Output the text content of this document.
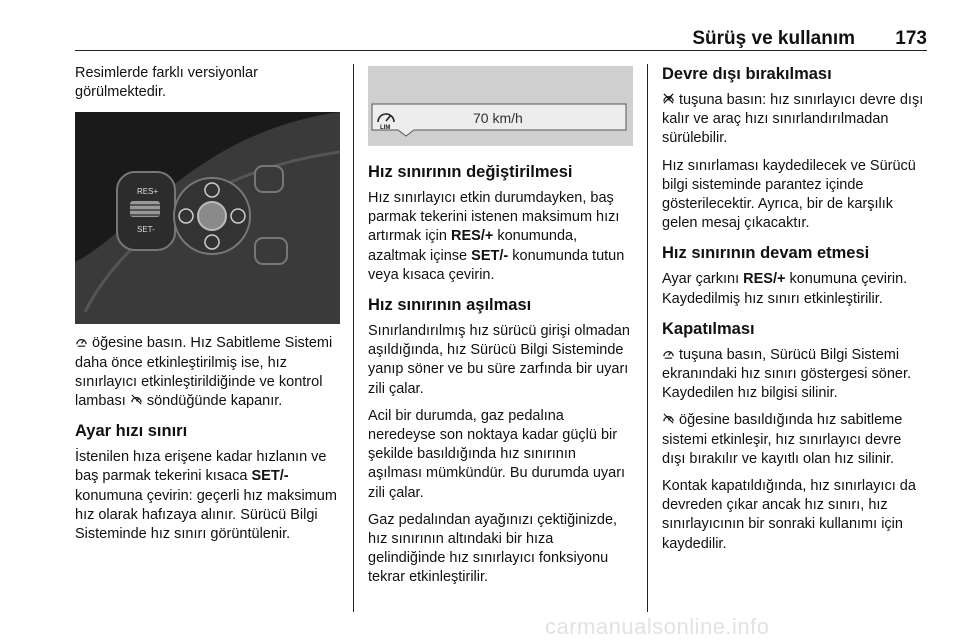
Sürüş ve kullanım 173

Resimlerde farklı versiyonlar görülmektedir.

RES+
SET-

öğesine basın. Hız Sabitleme Sistemi daha önce etkinleştirilmiş ise, hız sınırlayıcı etkinleştirildiğinde ve kontrol lambası söndüğünde kapanır.

Ayar hızı sınırı

İstenilen hıza erişene kadar hızlanın ve baş parmak tekerini kısaca SET/- konumuna çevirin: geçerli hız maksimum hız olarak hafızaya alınır. Sürücü Bilgi Sisteminde hız sınırı görüntülenir.

LIM
70 km/h
Hız sınırının değiştirilmesi

Hız sınırlayıcı etkin durumdayken, baş parmak tekerini istenen maksimum hızı artırmak için RES/+ konumunda, azaltmak içinse SET/- konumunda tutun veya kısaca çevirin.

Hız sınırının aşılması

Sınırlandırılmış hız sürücü girişi olmadan aşıldığında, hız Sürücü Bilgi Sisteminde yanıp söner ve bu süre zarfında bir uyarı zili çalar.

Acil bir durumda, gaz pedalına neredeyse son noktaya kadar güçlü bir şekilde basıldığında hız sınırının aşılması mümkündür. Bu durumda uyarı zili çalar.

Gaz pedalından ayağınızı çektiğinizde, hız sınırının altındaki bir hıza gelindiğinde hız sınırlayıcı fonksiyonu tekrar etkinleştirilir.

Devre dışı bırakılması

tuşuna basın: hız sınırlayıcı devre dışı kalır ve araç hızı sınırlandırılmadan sürülebilir.

Hız sınırlaması kaydedilecek ve Sürücü bilgi sisteminde parantez içinde gösterilecektir. Ayrıca, bir de karşılık gelen mesaj çıkacaktır.

Hız sınırının devam etmesi

Ayar çarkını RES/+ konumuna çevirin. Kaydedilmiş hız sınırı etkinleştirilir.

Kapatılması

tuşuna basın, Sürücü Bilgi Sistemi ekranındaki hız sınırı göstergesi söner. Kaydedilen hız bilgisi silinir.

öğesine basıldığında hız sabitleme sistemi etkinleşir, hız sınırlayıcı devre dışı bırakılır ve kayıtlı olan hız silinir.

Kontak kapatıldığında, hız sınırlayıcı da devreden çıkar ancak hız sınırı, hız sınırlayıcının bir sonraki kullanımı için kaydedilir.

carmanualsonline.info
